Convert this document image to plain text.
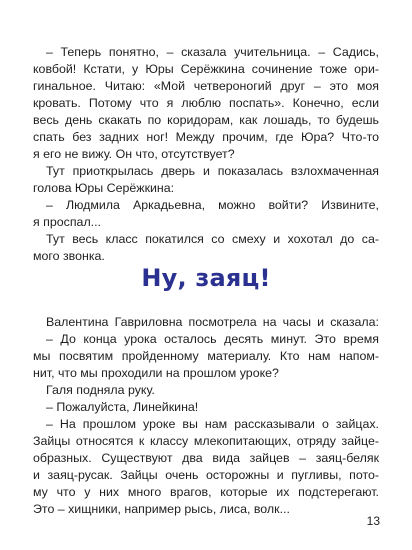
– Теперь понятно, – сказала учительница. – Садись,
ковбой! Кстати, у Юры Серёжкина сочинение тоже ори-
гинальное. Читаю: «Мой четвероногий друг – это моя
кровать. Потому что я люблю поспать». Конечно, если
весь день скакать по коридорам, как лошадь, то будешь
спать без задних ног! Между прочим, где Юра? Что-то
я его не вижу. Он что, отсутствует?
Тут приоткрылась дверь и показалась взлохмаченная
голова Юры Серёжкина:
– Людмила Аркадьевна, можно войти? Извините,
я проспал...
Тут весь класс покатился со смеху и хохотал до са-
мого звонка.
Ну, заяц!
Валентина Гавриловна посмотрела на часы и сказала:
– До конца урока осталось десять минут. Это время
мы посвятим пройденному материалу. Кто нам напом-
нит, что мы проходили на прошлом уроке?
Галя подняла руку.
– Пожалуйста, Линейкина!
– На прошлом уроке вы нам рассказывали о зайцах.
Зайцы относятся к классу млекопитающих, отряду зайце-
образных. Существуют два вида зайцев – заяц-беляк
и заяц-русак. Зайцы очень осторожны и пугливы, пото-
му что у них много врагов, которые их подстерегают.
Это – хищники, например рысь, лиса, волк...
13
